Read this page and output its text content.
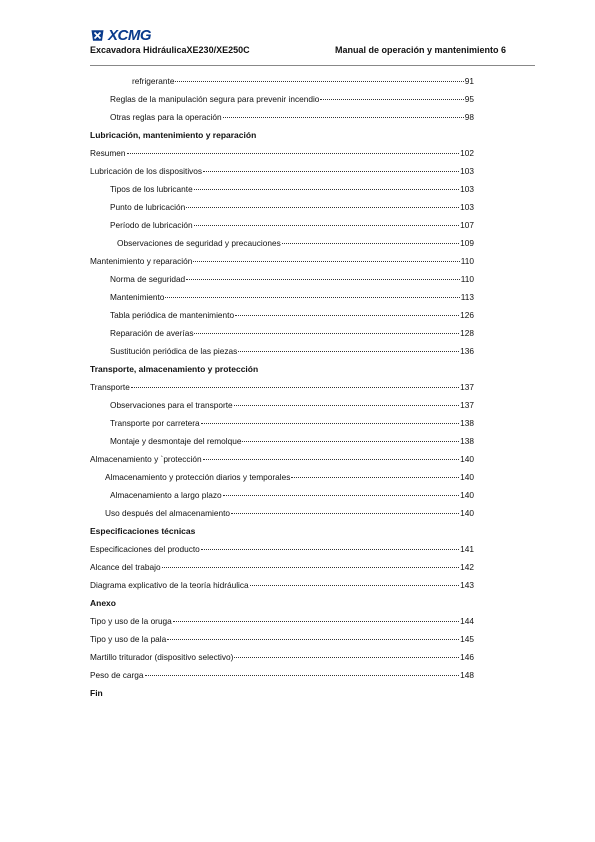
XCMG
Excavadora HidráulicaXE230/XE250C	Manual de operación y mantenimiento 6
refrigerante	91
Reglas de la manipulación segura para prevenir incendio	95
Otras reglas para la operación	98
Lubricación, mantenimiento y reparación
Resumen	102
Lubricación de los dispositivos	103
Tipos de los lubricante	103
Punto de lubricación	103
Período de lubricación	107
Observaciones de seguridad y precauciones	109
Mantenimiento y reparación	110
Norma de seguridad	110
Mantenimiento	113
Tabla periódica de mantenimiento	126
Reparación de averías	128
Sustitución periódica de las piezas	136
Transporte, almacenamiento y protección
Transporte	137
Observaciones para el transporte	137
Transporte por carretera	138
Montaje y desmontaje del remolque	138
Almacenamiento y `protección	140
Almacenamiento y protección diarios y temporales	140
Almacenamiento a largo plazo	140
Uso después del almacenamiento	140
Especificaciones técnicas
Especificaciones del producto	141
Alcance del trabajo	142
Diagrama explicativo de la teoría hidráulica	143
Anexo
Tipo y uso de la oruga	144
Tipo y uso de la pala	145
Martillo triturador (dispositivo selectivo)	146
Peso de carga	148
Fin
